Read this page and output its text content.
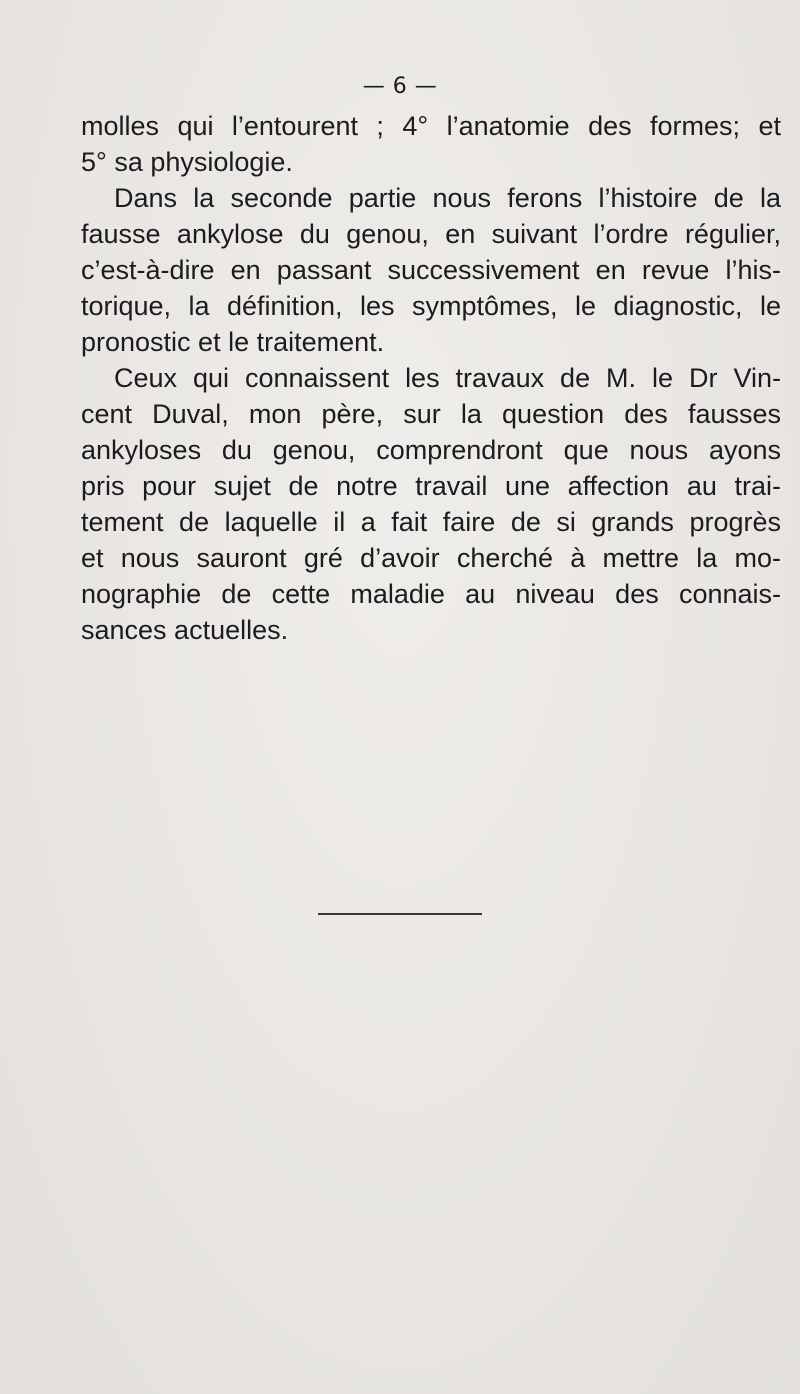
— 6 —
molles qui l’entourent ; 4° l’anatomie des formes; et
5° sa physiologie.
Dans la seconde partie nous ferons l’histoire de la
fausse ankylose du genou, en suivant l’ordre régulier,
c’est-à-dire en passant successivement en revue l’his-
torique, la définition, les symptômes, le diagnostic, le
pronostic et le traitement.
Ceux qui connaissent les travaux de M. le Dr Vin-
cent Duval, mon père, sur la question des fausses
ankyloses du genou, comprendront que nous ayons
pris pour sujet de notre travail une affection au trai-
tement de laquelle il a fait faire de si grands progrès
et nous sauront gré d’avoir cherché à mettre la mo-
nographie de cette maladie au niveau des connais-
sances actuelles.
